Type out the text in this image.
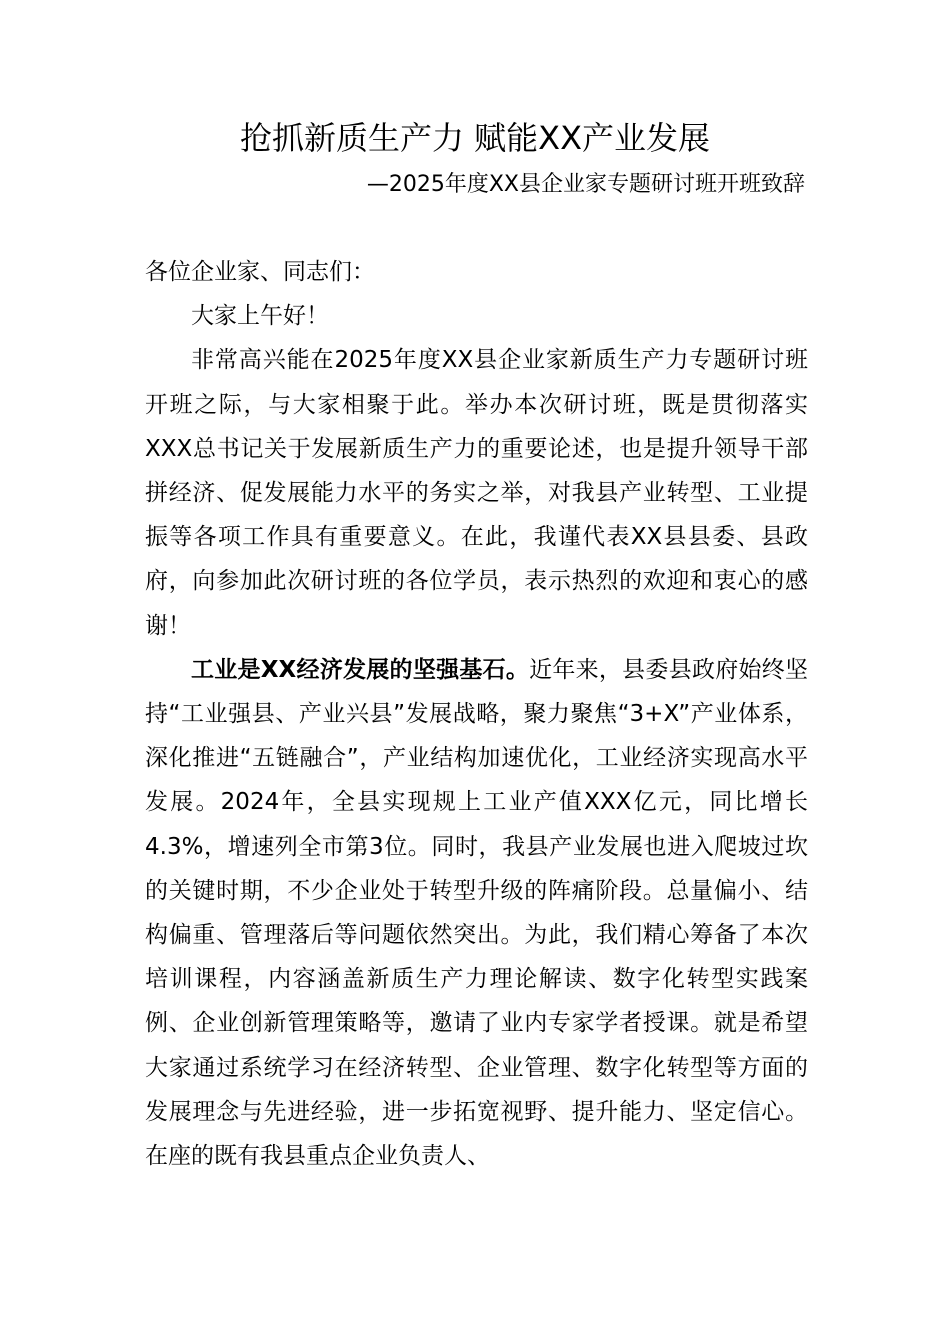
抢抓新质生产力 赋能XX产业发展
—2025年度XX县企业家专题研讨班开班致辞

各位企业家、同志们：

大家上午好！

非常高兴能在2025年度XX县企业家新质生产力专题研讨班开班之际，与大家相聚于此。举办本次研讨班，既是贯彻落实XXX总书记关于发展新质生产力的重要论述，也是提升领导干部拼经济、促发展能力水平的务实之举，对我县产业转型、工业提振等各项工作具有重要意义。在此，我谨代表XX县县委、县政府，向参加此次研讨班的各位学员，表示热烈的欢迎和衷心的感谢！

工业是XX经济发展的坚强基石。近年来，县委县政府始终坚持“工业强县、产业兴县”发展战略，聚力聚焦“3+X”产业体系，深化推进“五链融合”，产业结构加速优化，工业经济实现高水平发展。2024年，全县实现规上工业产值XXX亿元，同比增长4.3%，增速列全市第3位。同时，我县产业发展也进入爬坡过坎的关键时期，不少企业处于转型升级的阵痛阶段。总量偏小、结构偏重、管理落后等问题依然突出。为此，我们精心筹备了本次培训课程，内容涵盖新质生产力理论解读、数字化转型实践案例、企业创新管理策略等，邀请了业内专家学者授课。就是希望大家通过系统学习在经济转型、企业管理、数字化转型等方面的发展理念与先进经验，进一步拓宽视野、提升能力、坚定信心。在座的既有我县重点企业负责人、
